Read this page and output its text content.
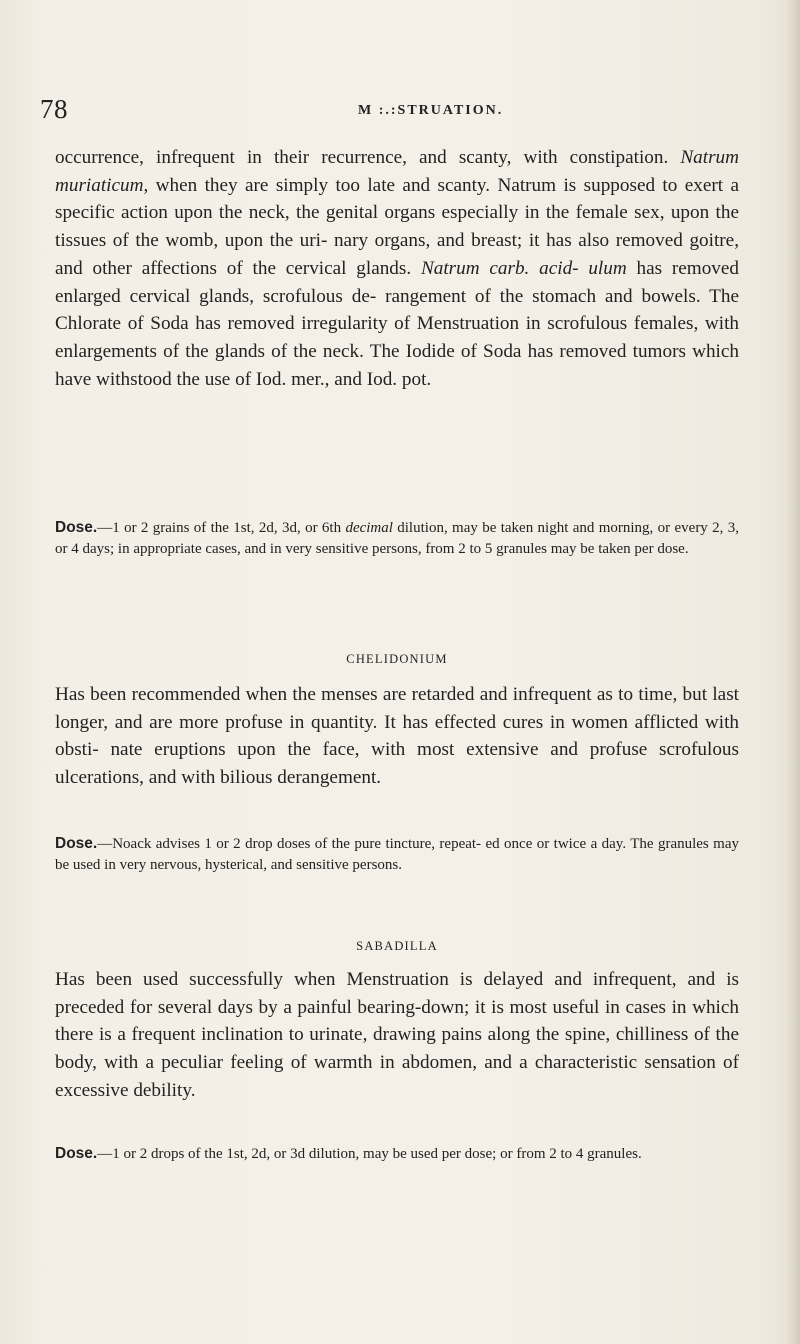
78	M :.:STRUATION.

occurrence, infrequent in their recurrence, and scanty, with constipation. Natrum muriaticum, when they are simply too late and scanty. Natrum is supposed to exert a specific action upon the neck, the genital organs especially in the female sex, upon the tissues of the womb, upon the uri- nary organs, and breast; it has also removed goitre, and other affections of the cervical glands. Natrum carb. acid- ulum has removed enlarged cervical glands, scrofulous de- rangement of the stomach and bowels. The Chlorate of Soda has removed irregularity of Menstruation in scrofulous females, with enlargements of the glands of the neck. The Iodide of Soda has removed tumors which have withstood the use of Iod. mer., and Iod. pot.

Dose.—1 or 2 grains of the 1st, 2d, 3d, or 6th decimal dilution, may be taken night and morning, or every 2, 3, or 4 days; in appropriate cases, and in very sensitive persons, from 2 to 5 granules may be taken per dose.

CHELIDONIUM

Has been recommended when the menses are retarded and infrequent as to time, but last longer, and are more profuse in quantity. It has effected cures in women afflicted with obsti- nate eruptions upon the face, with most extensive and profuse scrofulous ulcerations, and with bilious derangement.

Dose.—Noack advises 1 or 2 drop doses of the pure tincture, repeat- ed once or twice a day. The granules may be used in very nervous, hysterical, and sensitive persons.

SABADILLA

Has been used successfully when Menstruation is delayed and infrequent, and is preceded for several days by a painful bearing-down; it is most useful in cases in which there is a frequent inclination to urinate, drawing pains along the spine, chilliness of the body, with a peculiar feeling of warmth in abdomen, and a characteristic sensation of excessive debility.

Dose.—1 or 2 drops of the 1st, 2d, or 3d dilution, may be used per dose; or from 2 to 4 granules.
